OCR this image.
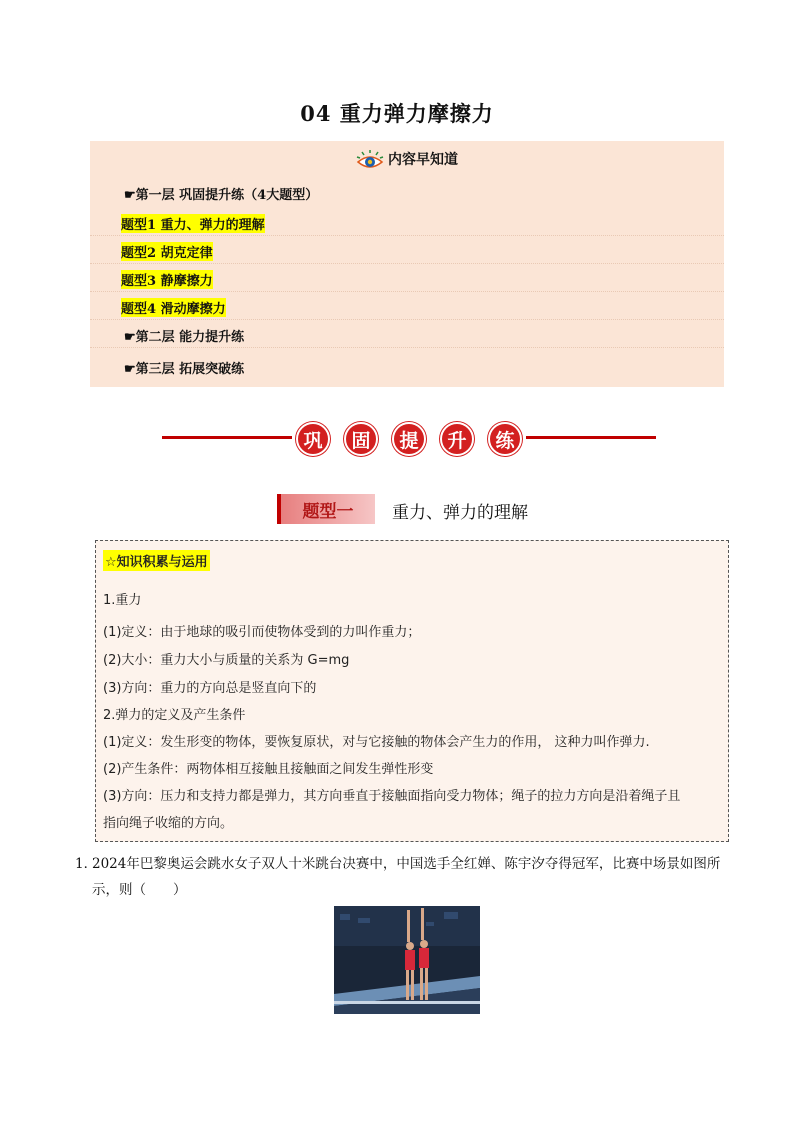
04 重力弹力摩擦力
内容早知道
☛第一层 巩固提升练（4大题型）
题型1 重力、弹力的理解
题型2 胡克定律
题型3 静摩擦力
题型4 滑动摩擦力
☛第二层 能力提升练
☛第三层 拓展突破练
巩	固	提	升	练
题型一	重力、弹力的理解
☆知识积累与运用
1.重力
(1)定义：由于地球的吸引而使物体受到的力叫作重力；
(2)大小：重力大小与质量的关系为 G=mg
(3)方向：重力的方向总是竖直向下的
2.弹力的定义及产生条件
(1)定义：发生形变的物体，要恢复原状，对与它接触的物体会产生力的作用， 这种力叫作弹力.
(2)产生条件：两物体相互接触且接触面之间发生弹性形变
(3)方向：压力和支持力都是弹力，其方向垂直于接触面指向受力物体；绳子的拉力方向是沿着绳子且
指向绳子收缩的方向。
1．
2024年巴黎奥运会跳水女子双人十米跳台决赛中，中国选手全红婵、陈宇汐夺得冠军，比赛中场景如图所示，则（　　）
